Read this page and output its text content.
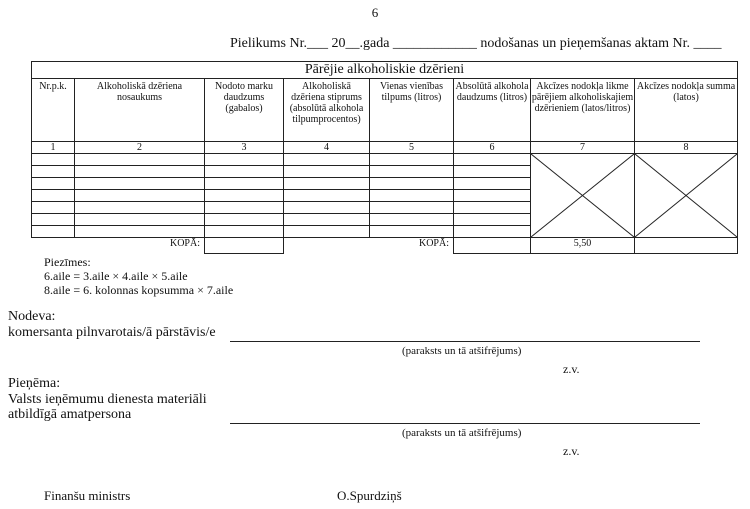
6
Pielikums Nr.___ 20__.gada ____________ nodošanas un pieņemšanas aktam Nr. ____
Pārējie alkoholiskie dzērieni							
Nr.p.k.	Alkoholiskā dzēriena nosaukums	Nodoto marku daudzums (gabalos)	Alkoholiskā dzēriena stiprums (absolūtā alkohola tilpumprocentos)	Vienas vienības tilpums (litros)	Absolūtā alkohola daudzums (litros)	Akcīzes nodokļa likme pārējiem alkoholiskajiem dzērieniem (latos/litros)	Akcīzes nodokļa summa (latos)
1	2	3	4	5	6	7	8

KOPĀ:				KOPĀ:		5,50	
Piezīmes:
6.aile = 3.aile × 4.aile × 5.aile
8.aile = 6. kolonnas kopsumma × 7.aile
Nodeva:
komersanta pilnvarotais/ā pārstāvis/e
(paraksts un tā atšifrējums)
z.v.
Pieņēma:
Valsts ieņēmumu dienesta materiāli
atbildīgā amatpersona
(paraksts un tā atšifrējums)
z.v.
Finanšu ministrs	O.Spurdziņš
